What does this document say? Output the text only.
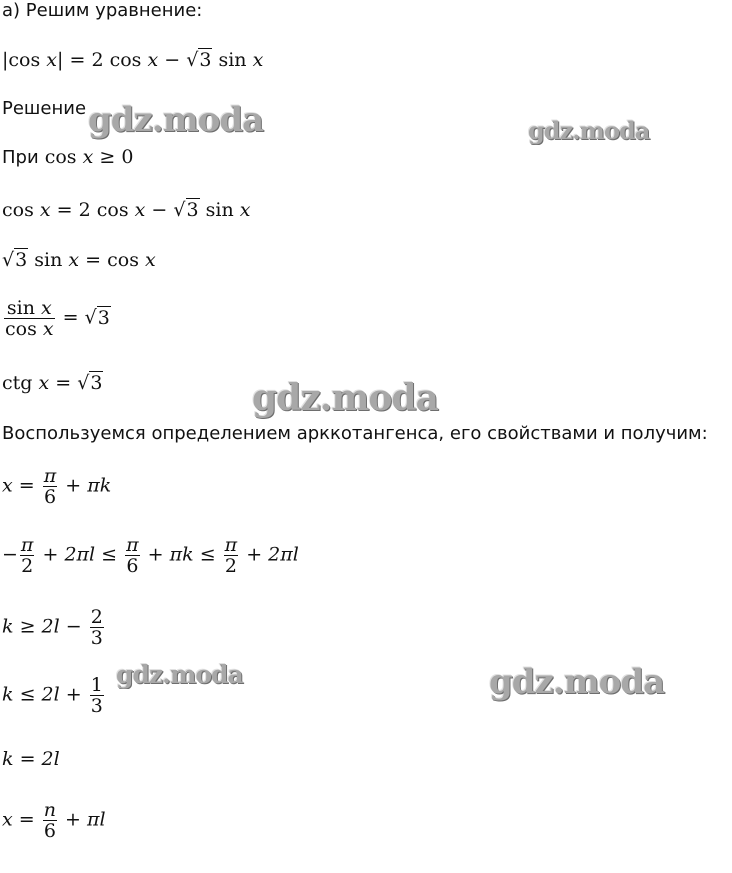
gdz.moda	gdz.moda
gdz.moda
gdz.moda	gdz.moda
а) Решим уравнение:
|cos x| = 2 cos x − √3 sin x
Решение
При cos x ≥ 0
cos x = 2 cos x − √3 sin x
√3 sin x = cos x
$\frac{\text{sin x}}{\text{cos x}} = √3$
ctg x = √3
Воспользуемся определением арккотангенса, его свойствами и получим:
$x = \frac{\pi}{6} + \pi k$
− $\frac{\pi}{2} + 2\pi l \le \frac{\pi}{6} + \pi k \le \frac{\pi}{2} + 2\pi l$
$k \ge 2l - \frac{2}{3}$
$k \le 2l + \frac{1}{3}$
k = 2l
$x = \frac{n}{6} + \pi l$
